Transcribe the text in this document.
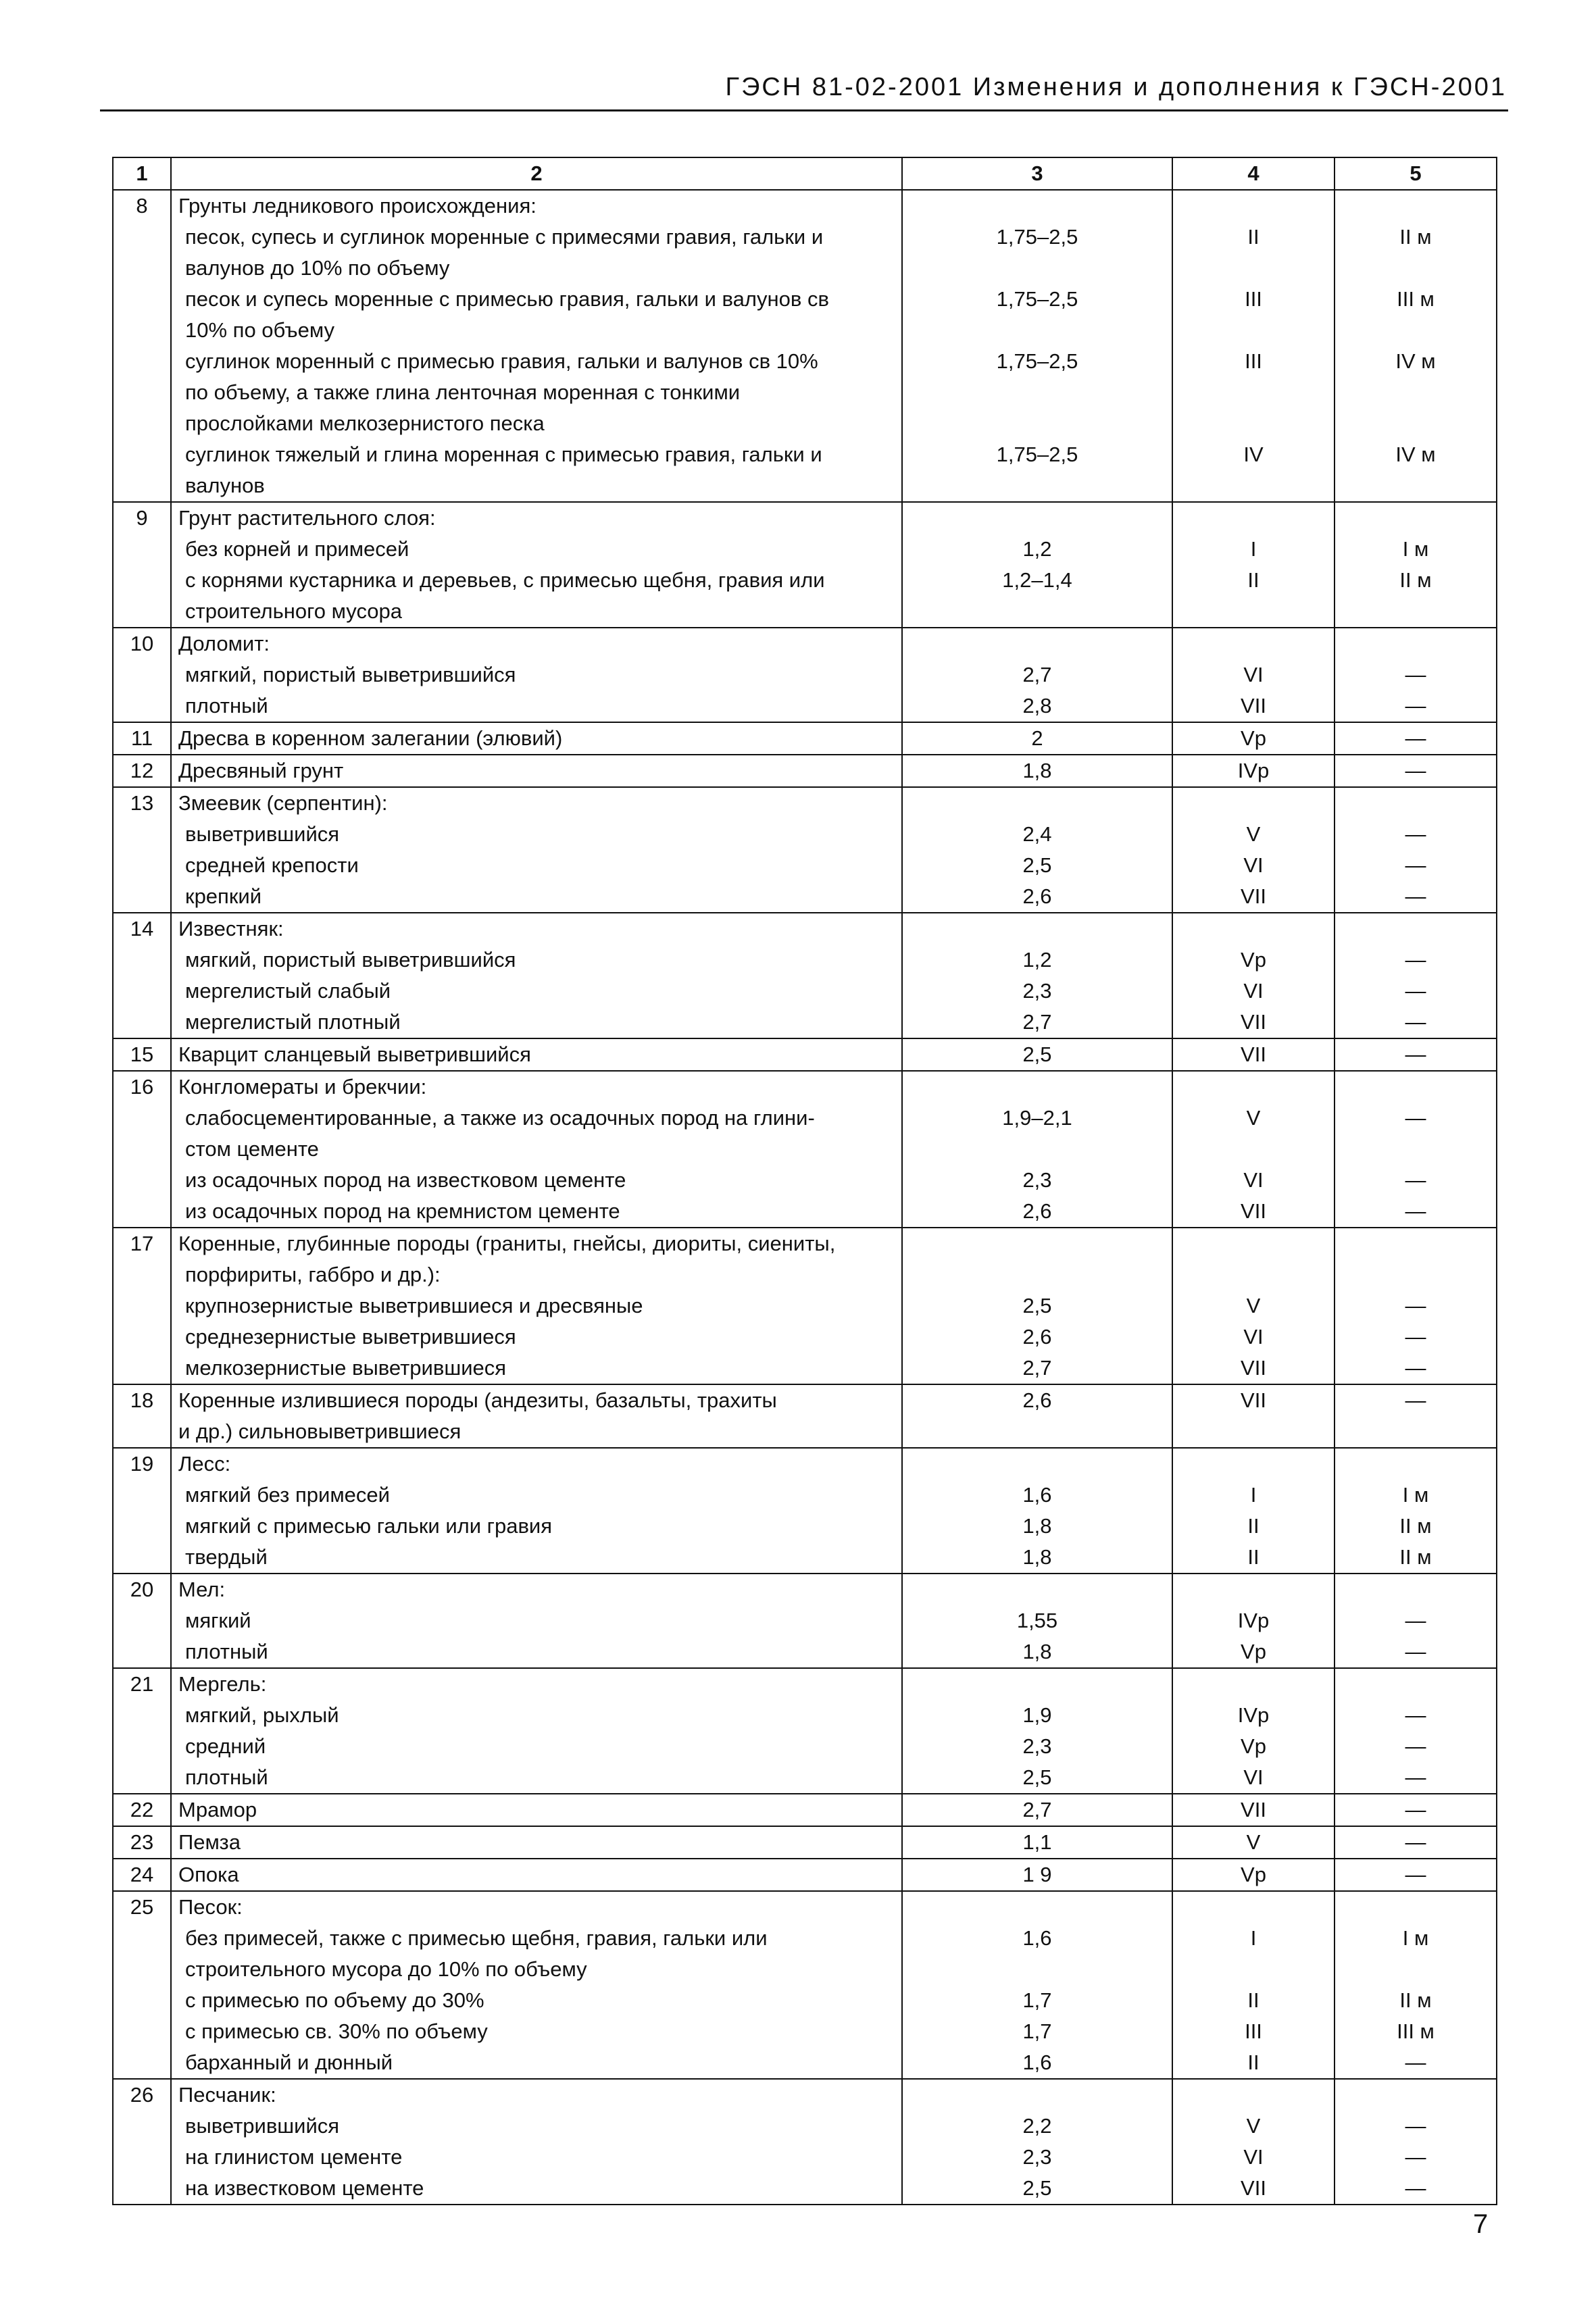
ГЭСН 81-02-2001 Изменения и дополнения к ГЭСН-2001
1	2	3	4	5
8	Грунты ледникового происхождения:			
	песок, супесь и суглинок моренные с примесями гравия, гальки и	1,75–2,5	II	II м
	валунов до 10% по объему			
	песок и супесь моренные с примесью гравия, гальки и валунов св	1,75–2,5	III	III м
	10% по объему			
	суглинок моренный с примесью гравия, гальки и валунов св 10%	1,75–2,5	III	IV м
	по объему, а также глина ленточная моренная с тонкими			
	прослойками мелкозернистого песка			
	суглинок тяжелый и глина моренная с примесью гравия, гальки и	1,75–2,5	IV	IV м
	валунов			
9	Грунт растительного слоя:			
	без корней и примесей	1,2	I	I м
	с корнями кустарника и деревьев, с примесью щебня, гравия или	1,2–1,4	II	II м
	строительного мусора			
10	Доломит:			
	мягкий, пористый выветрившийся	2,7	VI	—
	плотный	2,8	VII	—
11	Дресва в коренном залегании (элювий)	2	Vр	—
12	Дресвяный грунт	1,8	IVр	—
13	Змеевик (серпентин):			
	выветрившийся	2,4	V	—
	средней крепости	2,5	VI	—
	крепкий	2,6	VII	—
14	Известняк:			
	мягкий, пористый выветрившийся	1,2	Vр	—
	мергелистый слабый	2,3	VI	—
	мергелистый плотный	2,7	VII	—
15	Кварцит сланцевый выветрившийся	2,5	VII	—
16	Конгломераты и брекчии:			
	слабосцементированные, а также из осадочных пород на глини-	1,9–2,1	V	—
	стом цементе			
	из осадочных пород на известковом цементе	2,3	VI	—
	из осадочных пород на кремнистом цементе	2,6	VII	—
17	Коренные, глубинные породы (граниты, гнейсы, диориты, сиениты,			
	порфириты, габбро и др.):			
	крупнозернистые выветрившиеся и дресвяные	2,5	V	—
	среднезернистые выветрившиеся	2,6	VI	—
	мелкозернистые выветрившиеся	2,7	VII	—
18	Коренные излившиеся породы (андезиты, базальты, трахиты	2,6	VII	—
	и др.) сильновыветрившиеся			
19	Лесс:			
	мягкий без примесей	1,6	I	I м
	мягкий с примесью гальки или гравия	1,8	II	II м
	твердый	1,8	II	II м
20	Мел:			
	мягкий	1,55	IVр	—
	плотный	1,8	Vр	—
21	Мергель:			
	мягкий, рыхлый	1,9	IVр	—
	средний	2,3	Vр	—
	плотный	2,5	VI	—
22	Мрамор	2,7	VII	—
23	Пемза	1,1	V	—
24	Опока	1 9	Vр	—
25	Песок:			
	без примесей, также с примесью щебня, гравия, гальки или	1,6	I	I м
	строительного мусора до 10% по объему			
	с примесью по объему до 30%	1,7	II	II м
	с примесью св. 30% по объему	1,7	III	III м
	барханный и дюнный	1,6	II	—
26	Песчаник:			
	выветрившийся	2,2	V	—
	на глинистом цементе	2,3	VI	—
	на известковом цементе	2,5	VII	—
7
